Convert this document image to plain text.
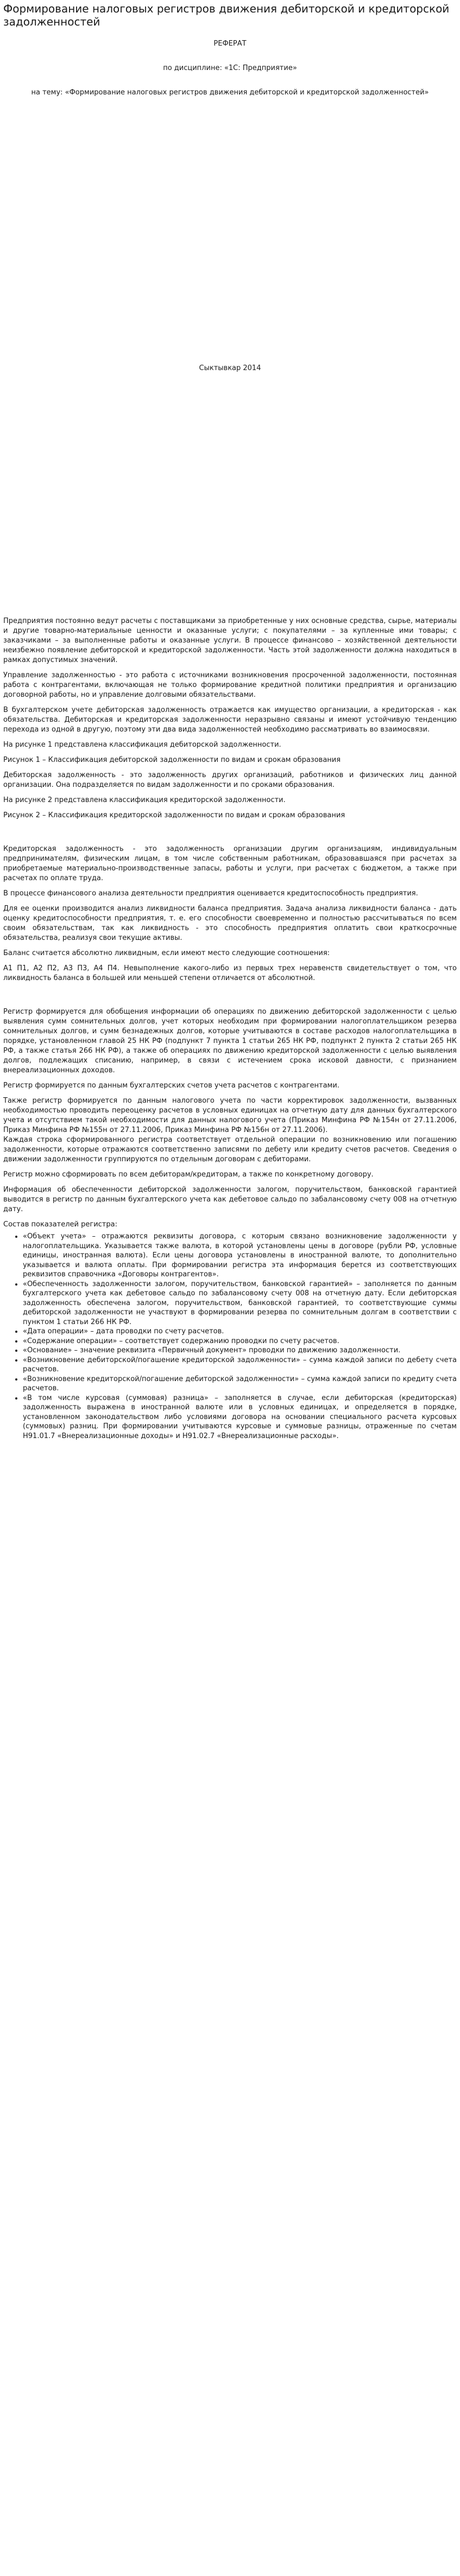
Формирование налоговых регистров движения дебиторской и кредиторской задолженностей
РЕФЕРАТ
по дисциплине: «1С: Предприятие»
на тему: «Формирование налоговых регистров движения дебиторской и кредиторской задолженностей»
Сыктывкар 2014

Предприятия постоянно ведут расчеты с поставщиками за приобретенные у них основные средства, сырье, материалы и другие товарно-материальные ценности и оказанные услуги; с покупателями – за купленные ими товары; с заказчиками – за выполненные работы и оказанные услуги. В процессе финансово – хозяйственной деятельности неизбежно появление дебиторской и кредиторской задолженности. Часть этой задолженности должна находиться в рамках допустимых значений.

Управление задолженностью - это работа с источниками возникновения просроченной задолженности, постоянная работа с контрагентами, включающая не только формирование кредитной политики предприятия и организацию договорной работы, но и управление долговыми обязательствами.

В бухгалтерском учете дебиторская задолженность отражается как имущество организации, а кредиторская - как обязательства. Дебиторская и кредиторская задолженности неразрывно связаны и имеют устойчивую тенденцию перехода из одной в другую, поэтому эти два вида задолженностей необходимо рассматривать во взаимосвязи.

На рисунке 1 представлена классификация дебиторской задолженности.

Рисунок 1 – Классификация дебиторской задолженности по видам и срокам образования

Дебиторская задолженность - это задолженность других организаций, работников и физических лиц данной организации. Она подразделяется по видам задолженности и по сроками образования.

На рисунке 2 представлена классификация кредиторской задолженности.

Рисунок 2 – Классификация кредиторской задолженности по видам и срокам образования

Кредиторская задолженность - это задолженность организации другим организациям, индивидуальным предпринимателям, физическим лицам, в том числе собственным работникам, образовавшаяся при расчетах за приобретаемые материально-производственные запасы, работы и услуги, при расчетах с бюджетом, а также при расчетах по оплате труда.

В процессе финансового анализа деятельности предприятия оценивается кредитоспособность предприятия.

Для ее оценки производится анализ ликвидности баланса предприятия. Задача анализа ликвидности баланса - дать оценку кредитоспособности предприятия, т. е. его способности своевременно и полностью рассчитываться по всем своим обязательствам, так как ликвидность - это способность предприятия оплатить свои краткосрочные обязательства, реализуя свои текущие активы.

Баланс считается абсолютно ликвидным, если имеют место следующие соотношения:

А1 П1, А2 П2, А3 П3, А4 П4. Невыполнение какого-либо из первых трех неравенств свидетельствует о том, что ликвидность баланса в большей или меньшей степени отличается от абсолютной.

Регистр формируется для обобщения информации об операциях по движению дебиторской задолженности с целью выявления сумм сомнительных долгов, учет которых необходим при формировании налогоплательщиком резерва сомнительных долгов, и сумм безнадежных долгов, которые учитываются в составе расходов налогоплательщика в порядке, установленном главой 25 НК РФ (подпункт 7 пункта 1 статьи 265 НК РФ, подпункт 2 пункта 2 статьи 265 НК РФ, а также статья 266 НК РФ), а также об операциях по движению кредиторской задолженности с целью выявления долгов, подлежащих списанию, например, в связи с истечением срока исковой давности, с признанием внереализационных доходов.

Регистр формируется по данным бухгалтерских счетов учета расчетов с контрагентами.

Также регистр формируется по данным налогового учета по части корректировок задолженности, вызванных необходимостью проводить переоценку расчетов в условных единицах на отчетную дату для данных бухгалтерского учета и отсутствием такой необходимости для данных налогового учета (Приказ Минфина РФ №154н от 27.11.2006, Приказ Минфина РФ №155н от 27.11.2006, Приказ Минфина РФ №156н от 27.11.2006).

Каждая строка сформированного регистра соответствует отдельной операции по возникновению или погашению задолженности, которые отражаются соответственно записями по дебету или кредиту счетов расчетов. Сведения о движении задолженности группируются по отдельным договорам с дебиторами.

Регистр можно сформировать по всем дебиторам/кредиторам, а также по конкретному договору.

Информация об обеспеченности дебиторской задолженности залогом, поручительством, банковской гарантией выводится в регистр по данным бухгалтерского учета как дебетовое сальдо по забалансовому счету 008 на отчетную дату.

Состав показателей регистра:

• «Объект учета» – отражаются реквизиты договора, с которым связано возникновение задолженности у налогоплательщика. Указывается также валюта, в которой установлены цены в договоре (рубли РФ, условные единицы, иностранная валюта). Если цены договора установлены в иностранной валюте, то дополнительно указывается и валюта оплаты. При формировании регистра эта информация берется из соответствующих реквизитов справочника «Договоры контрагентов».
• «Обеспеченность задолженности залогом, поручительством, банковской гарантией» – заполняется по данным бухгалтерского учета как дебетовое сальдо по забалансовому счету 008 на отчетную дату. Если дебиторская задолженность обеспечена залогом, поручительством, банковской гарантией, то соответствующие суммы дебиторской задолженности не участвуют в формировании резерва по сомнительным долгам в соответствии с пунктом 1 статьи 266 НК РФ.
• «Дата операции» – дата проводки по счету расчетов.
• «Содержание операции» – соответствует содержанию проводки по счету расчетов.
• «Основание» – значение реквизита «Первичный документ» проводки по движению задолженности.
• «Возникновение дебиторской/погашение кредиторской задолженности» – сумма каждой записи по дебету счета расчетов.
• «Возникновение кредиторской/погашение дебиторской задолженности» – сумма каждой записи по кредиту счета расчетов.
• «В том числе курсовая (суммовая) разница» – заполняется в случае, если дебиторская (кредиторская) задолженность выражена в иностранной валюте или в условных единицах, и определяется в порядке, установленном законодательством либо условиями договора на основании специального расчета курсовых (суммовых) разниц. При формировании учитываются курсовые и суммовые разницы, отраженные по счетам Н91.01.7 «Внереализационные доходы» и Н91.02.7 «Внереализационные расходы».
